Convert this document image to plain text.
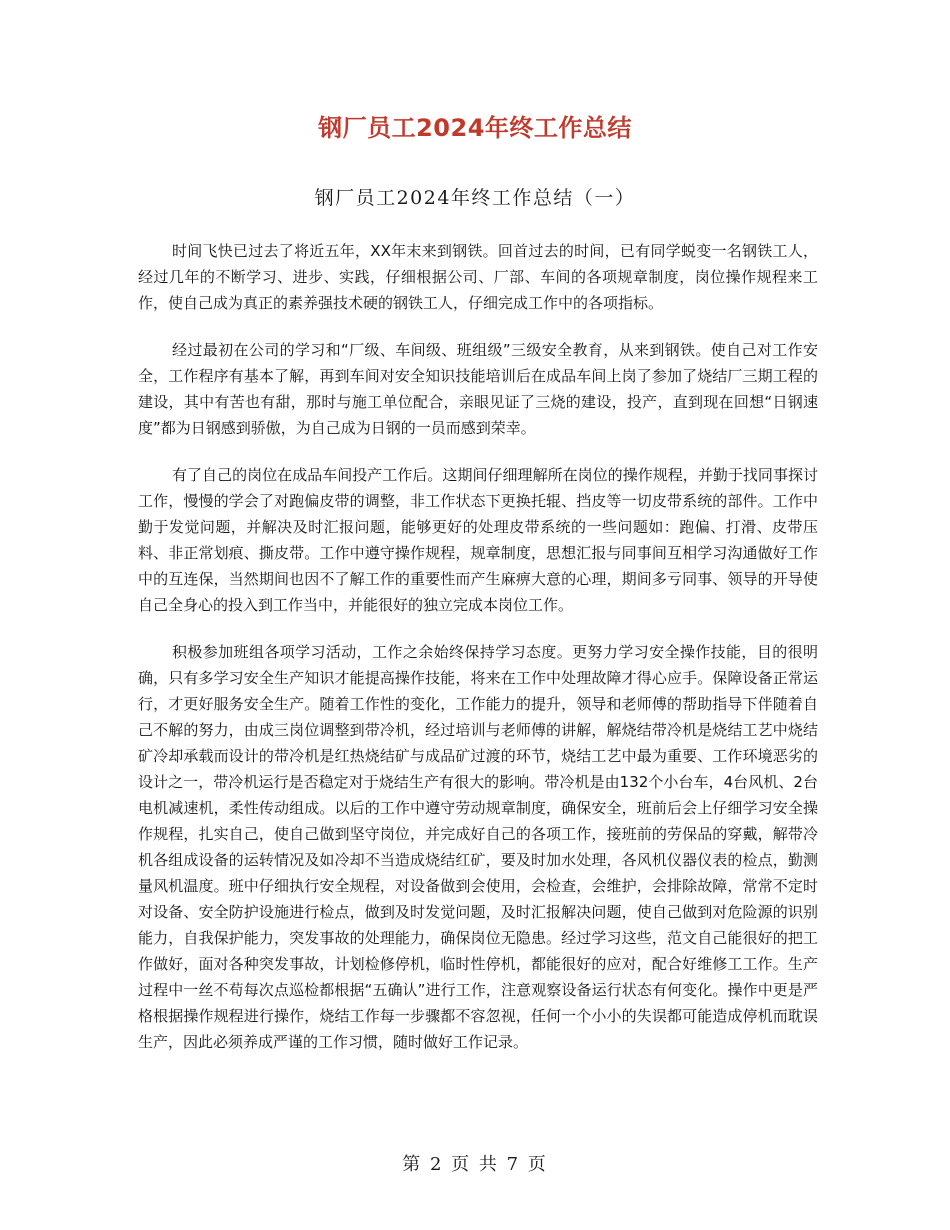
钢厂员工2024年终工作总结
钢厂员工2024年终工作总结（一）

时间飞快已过去了将近五年，XX年末来到钢铁。回首过去的时间，已有同学蜕变一名钢铁工人，经过几年的不断学习、进步、实践，仔细根据公司、厂部、车间的各项规章制度，岗位操作规程来工作，使自己成为真正的素养强技术硬的钢铁工人，仔细完成工作中的各项指标。

经过最初在公司的学习和“厂级、车间级、班组级”三级安全教育，从来到钢铁。使自己对工作安全，工作程序有基本了解，再到车间对安全知识技能培训后在成品车间上岗了参加了烧结厂三期工程的建设，其中有苦也有甜，那时与施工单位配合，亲眼见证了三烧的建设，投产，直到现在回想“日钢速度”都为日钢感到骄傲，为自己成为日钢的一员而感到荣幸。

有了自己的岗位在成品车间投产工作后。这期间仔细理解所在岗位的操作规程，并勤于找同事探讨工作，慢慢的学会了对跑偏皮带的调整，非工作状态下更换托辊、挡皮等一切皮带系统的部件。工作中勤于发觉问题，并解决及时汇报问题，能够更好的处理皮带系统的一些问题如：跑偏、打滑、皮带压料、非正常划痕、撕皮带。工作中遵守操作规程，规章制度，思想汇报与同事间互相学习沟通做好工作中的互连保，当然期间也因不了解工作的重要性而产生麻痹大意的心理，期间多亏同事、领导的开导使自己全身心的投入到工作当中，并能很好的独立完成本岗位工作。

积极参加班组各项学习活动，工作之余始终保持学习态度。更努力学习安全操作技能，目的很明确，只有多学习安全生产知识才能提高操作技能，将来在工作中处理故障才得心应手。保障设备正常运行，才更好服务安全生产。随着工作性的变化，工作能力的提升，领导和老师傅的帮助指导下伴随着自己不解的努力，由成三岗位调整到带冷机，经过培训与老师傅的讲解，解烧结带冷机是烧结工艺中烧结矿冷却承载而设计的带冷机是红热烧结矿与成品矿过渡的环节，烧结工艺中最为重要、工作环境恶劣的设计之一，带冷机运行是否稳定对于烧结生产有很大的影响。带冷机是由132个小台车，4台风机、2台电机减速机，柔性传动组成。以后的工作中遵守劳动规章制度，确保安全，班前后会上仔细学习安全操作规程，扎实自己，使自己做到坚守岗位，并完成好自己的各项工作，接班前的劳保品的穿戴，解带冷机各组成设备的运转情况及如冷却不当造成烧结红矿，要及时加水处理，各风机仪器仪表的检点，勤测量风机温度。班中仔细执行安全规程，对设备做到会使用，会检查，会维护，会排除故障，常常不定时对设备、安全防护设施进行检点，做到及时发觉问题，及时汇报解决问题，使自己做到对危险源的识别能力，自我保护能力，突发事故的处理能力，确保岗位无隐患。经过学习这些，范文自己能很好的把工作做好，面对各种突发事故，计划检修停机，临时性停机，都能很好的应对，配合好维修工工作。生产过程中一丝不苟每次点巡检都根据“五确认”进行工作，注意观察设备运行状态有何变化。操作中更是严格根据操作规程进行操作，烧结工作每一步骤都不容忽视，任何一个小小的失误都可能造成停机而耽误生产，因此必须养成严谨的工作习惯，随时做好工作记录。

第 2 页 共 7 页
